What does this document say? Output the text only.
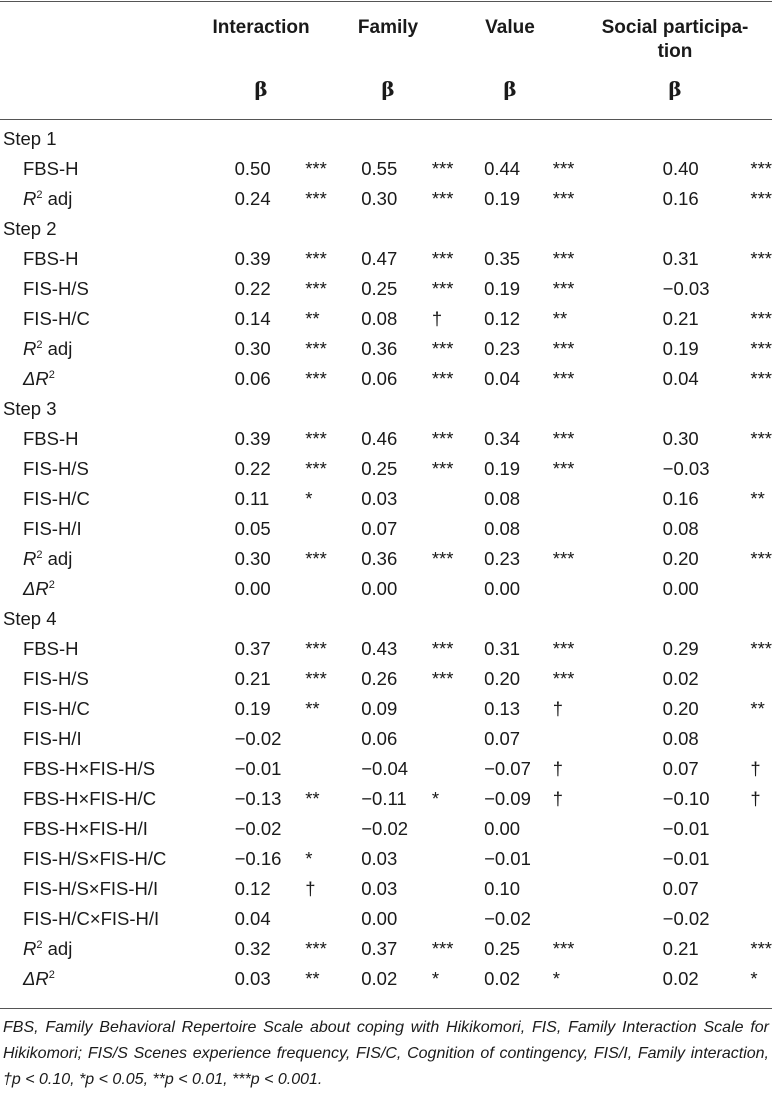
Interaction	Family	Value	Social participa-
tion
β	β	β	β
Step 1								
FBS-H	0.50	***	0.55	***	0.44	***	0.40	***
$R^2$ adj	0.24	***	0.30	***	0.19	***	0.16	***
Step 2								
FBS-H	0.39	***	0.47	***	0.35	***	0.31	***
FIS-H/S	0.22	***	0.25	***	0.19	***	−0.03	
FIS-H/C	0.14	**	0.08	†	0.12	**	0.21	***
$R^2$ adj	0.30	***	0.36	***	0.23	***	0.19	***
$\Delta R^2$	0.06	***	0.06	***	0.04	***	0.04	***
Step 3								
FBS-H	0.39	***	0.46	***	0.34	***	0.30	***
FIS-H/S	0.22	***	0.25	***	0.19	***	−0.03	
FIS-H/C	0.11	*	0.03		0.08		0.16	**
FIS-H/I	0.05		0.07		0.08		0.08	
$R^2$ adj	0.30	***	0.36	***	0.23	***	0.20	***
$\Delta R^2$	0.00		0.00		0.00		0.00	
Step 4								
FBS-H	0.37	***	0.43	***	0.31	***	0.29	***
FIS-H/S	0.21	***	0.26	***	0.20	***	0.02	
FIS-H/C	0.19	**	0.09		0.13	†	0.20	**
FIS-H/I	−0.02		0.06		0.07		0.08	
FBS-H×FIS-H/S	−0.01		−0.04		−0.07	†	0.07	†
FBS-H×FIS-H/C	−0.13	**	−0.11	*	−0.09	†	−0.10	†
FBS-H×FIS-H/I	−0.02		−0.02		0.00		−0.01	
FIS-H/S×FIS-H/C	−0.16	*	0.03		−0.01		−0.01	
FIS-H/S×FIS-H/I	0.12	†	0.03		0.10		0.07	
FIS-H/C×FIS-H/I	0.04		0.00		−0.02		−0.02	
$R^2$ adj	0.32	***	0.37	***	0.25	***	0.21	***
$\Delta R^2$	0.03	**	0.02	*	0.02	*	0.02	*
FBS, Family Behavioral Repertoire Scale about coping with Hikikomori, FIS, Family Interaction Scale for Hikikomori; FIS/S Scenes experience frequency, FIS/C, Cognition of contingency, FIS/I, Family interaction, †p < 0.10, *p < 0.05, **p < 0.01, ***p < 0.001.
